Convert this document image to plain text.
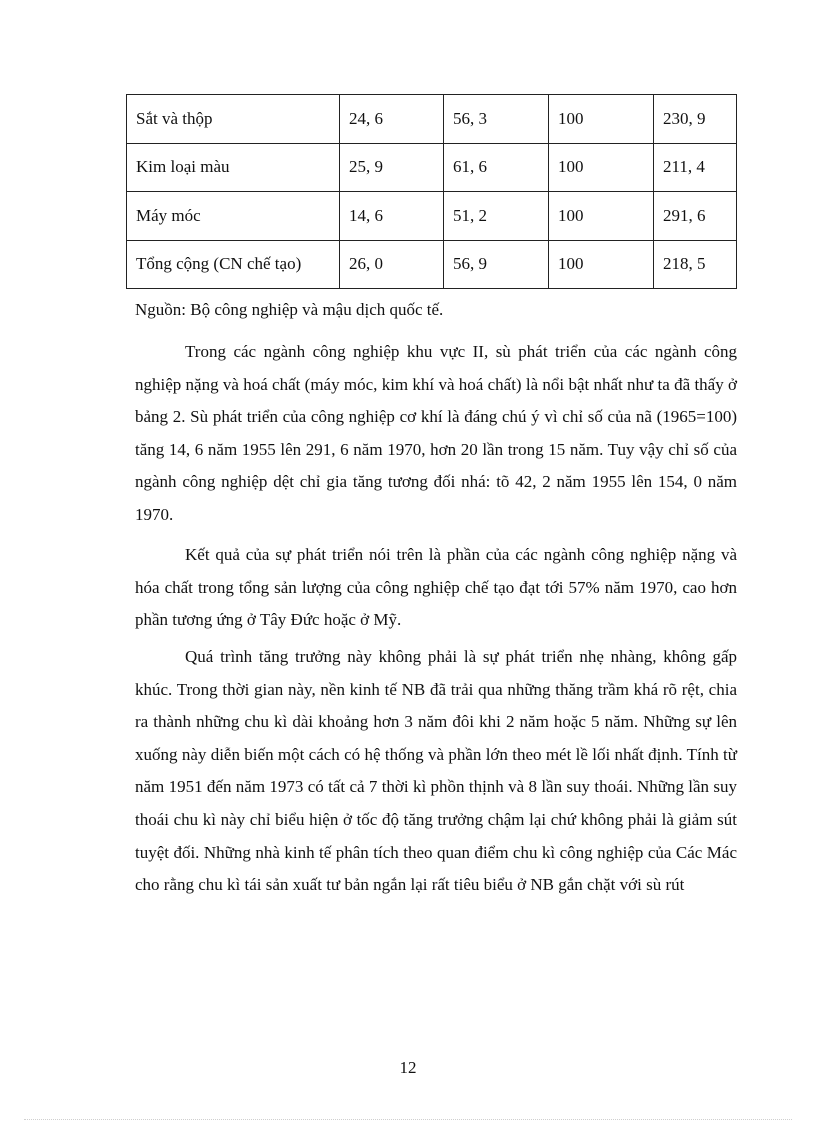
Sắt và thộp	24, 6	56, 3	100	230, 9
Kim loại màu	25, 9	61, 6	100	211, 4
Máy móc	14, 6	51, 2	100	291, 6
Tổng cộng (CN chế tạo)	26, 0	56, 9	100	218, 5
Nguồn: Bộ công nghiệp và mậu dịch quốc tế.

Trong các ngành công nghiệp khu vực II, sù phát triển của các ngành công nghiệp nặng và hoá chất (máy móc, kim khí và hoá chất) là nổi bật nhất như ta đã thấy ở bảng 2. Sù phát triển của công nghiệp cơ khí là đáng chú ý vì chỉ số của nã (1965=100) tăng 14, 6 năm 1955 lên 291, 6 năm 1970, hơn 20 lần trong 15 năm. Tuy vậy chỉ số của ngành công nghiệp dệt chỉ gia tăng tương đối nhá: tõ 42, 2 năm 1955 lên 154, 0 năm 1970.

Kết quả của sự phát triển nói trên là phần của các ngành công nghiệp nặng và hóa chất trong tổng sản lượng của công nghiệp chế tạo đạt tới 57% năm 1970, cao hơn phần tương ứng ở Tây Đức hoặc ở Mỹ.

Quá trình tăng trưởng này không phải là sự phát triển nhẹ nhàng, không gấp khúc. Trong thời gian này, nền kinh tế NB đã trải qua những thăng trầm khá rõ rệt, chia ra thành những chu kì dài khoảng hơn 3 năm đôi khi 2 năm hoặc 5 năm. Những sự lên xuống này diễn biến một cách có hệ thống và phần lớn theo mét lề lối nhất định. Tính từ năm 1951 đến năm 1973 có tất cả 7 thời kì phồn thịnh và 8 lần suy thoái. Những lần suy thoái chu kì này chỉ biểu hiện ở tốc độ tăng trưởng chậm lại chứ không phải là giảm sút tuyệt đối. Những nhà kinh tế phân tích theo quan điểm chu kì công nghiệp của Các Mác cho rằng chu kì tái sản xuất tư bản ngắn lại rất tiêu biểu ở NB gắn chặt với sù rút

12
